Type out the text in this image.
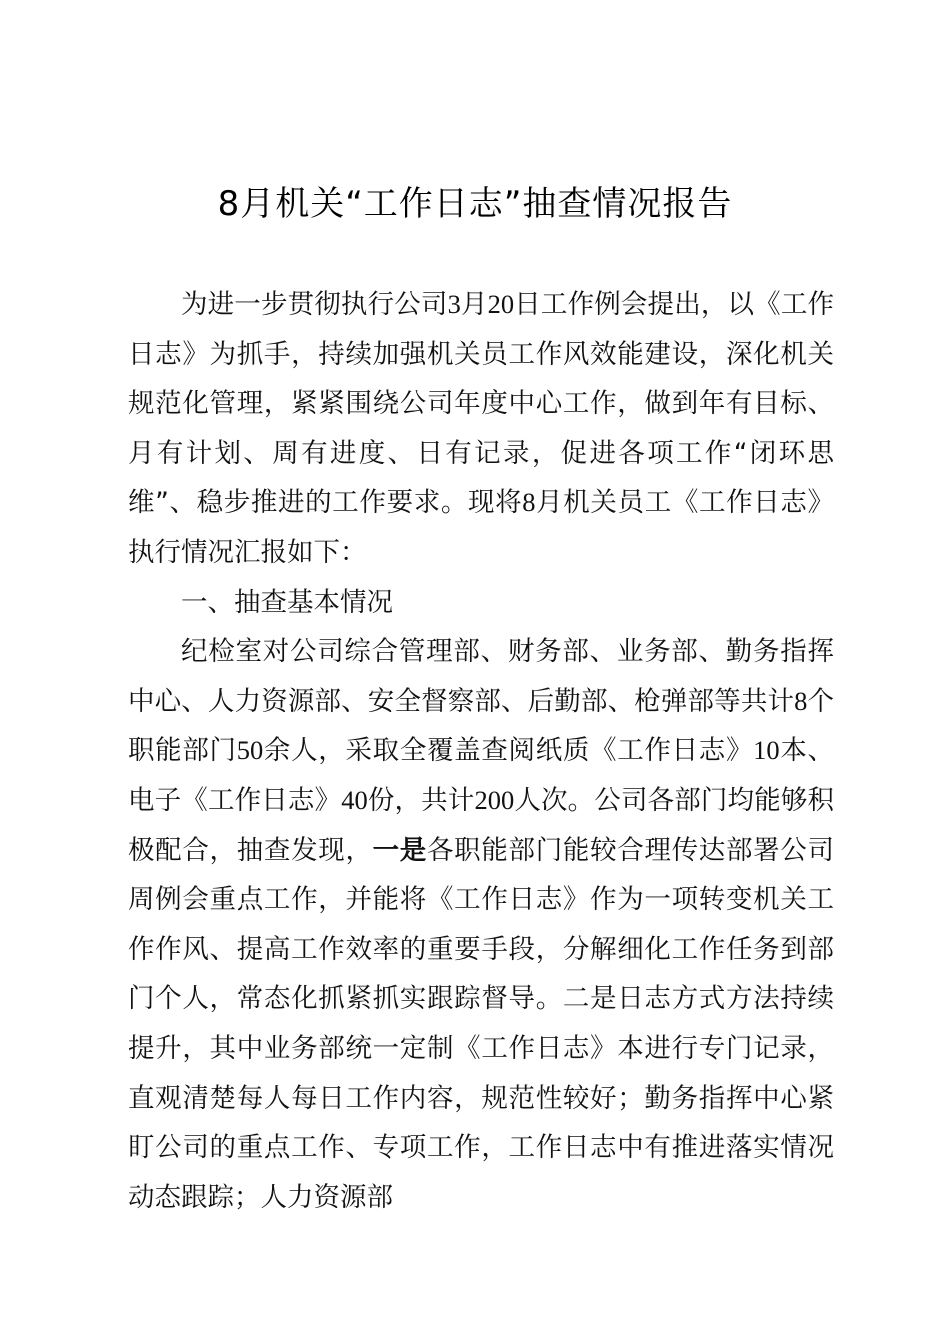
8月机关“工作日志”抽查情况报告

为进一步贯彻执行公司3月20日工作例会提出，以《工作日志》为抓手，持续加强机关员工作风效能建设，深化机关规范化管理，紧紧围绕公司年度中心工作，做到年有目标、月有计划、周有进度、日有记录，促进各项工作“闭环思维”、稳步推进的工作要求。现将8月机关员工《工作日志》执行情况汇报如下：

一、抽查基本情况

纪检室对公司综合管理部、财务部、业务部、勤务指挥中心、人力资源部、安全督察部、后勤部、枪弹部等共计8个职能部门50余人，采取全覆盖查阅纸质《工作日志》10本、电子《工作日志》40份，共计200人次。公司各部门均能够积极配合，抽查发现，一是各职能部门能较合理传达部署公司周例会重点工作，并能将《工作日志》作为一项转变机关工作作风、提高工作效率的重要手段，分解细化工作任务到部门个人，常态化抓紧抓实跟踪督导。二是日志方式方法持续提升，其中业务部统一定制《工作日志》本进行专门记录，直观清楚每人每日工作内容，规范性较好；勤务指挥中心紧盯公司的重点工作、专项工作，工作日志中有推进落实情况动态跟踪；人力资源部
